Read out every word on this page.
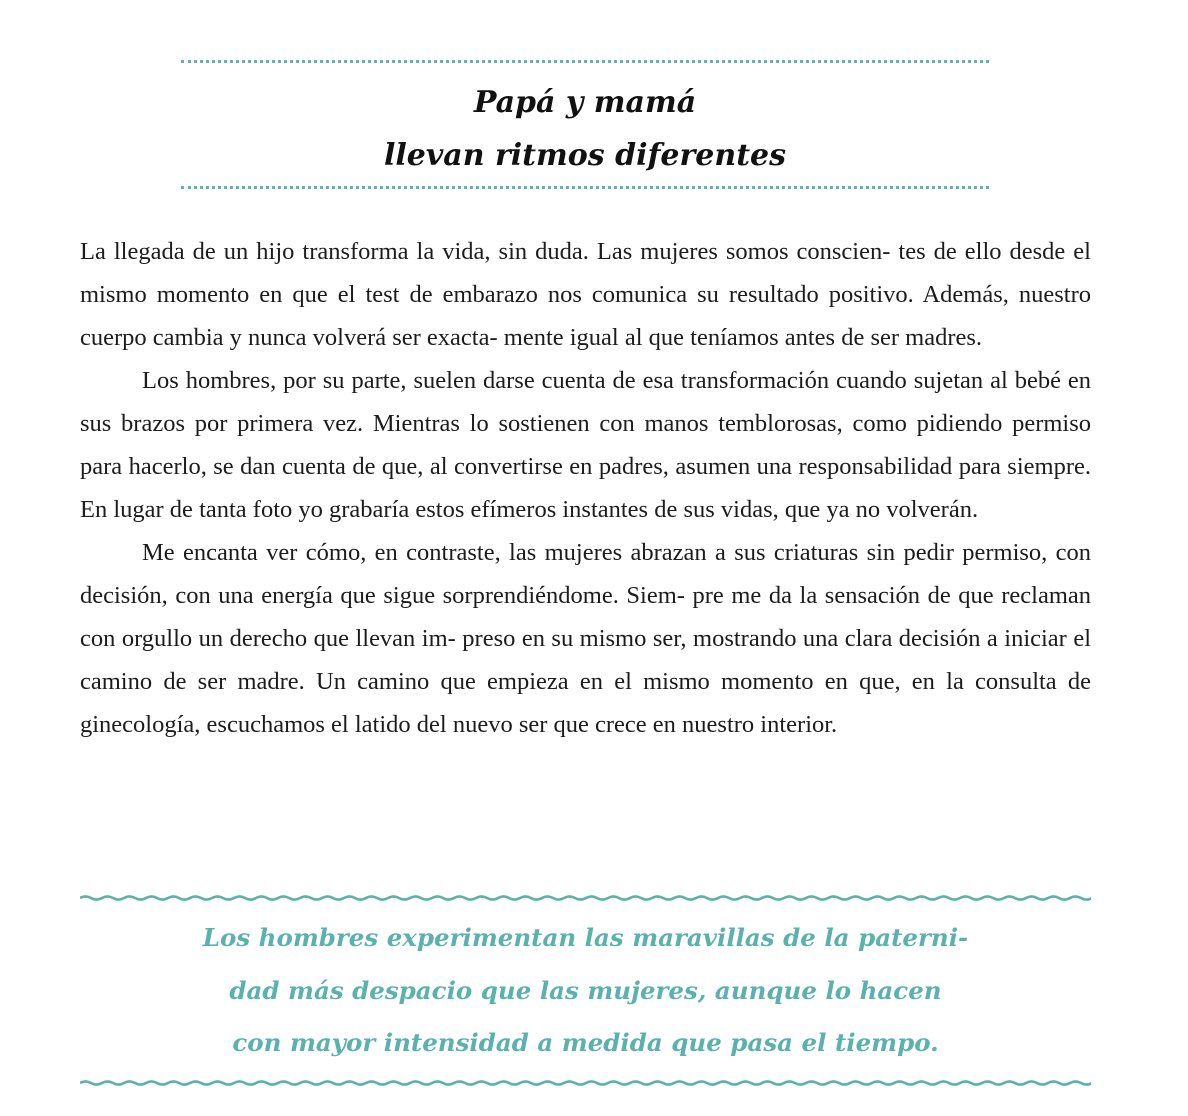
Papá y mamá
llevan ritmos diferentes

La llegada de un hijo transforma la vida, sin duda. Las mujeres somos conscien- tes de ello desde el mismo momento en que el test de embarazo nos comunica su resultado positivo. Además, nuestro cuerpo cambia y nunca volverá ser exacta- mente igual al que teníamos antes de ser madres.

Los hombres, por su parte, suelen darse cuenta de esa transformación cuando sujetan al bebé en sus brazos por primera vez. Mientras lo sostienen con manos temblorosas, como pidiendo permiso para hacerlo, se dan cuenta de que, al convertirse en padres, asumen una responsabilidad para siempre. En lugar de tanta foto yo grabaría estos efímeros instantes de sus vidas, que ya no volverán.

Me encanta ver cómo, en contraste, las mujeres abrazan a sus criaturas sin pedir permiso, con decisión, con una energía que sigue sorprendiéndome. Siem- pre me da la sensación de que reclaman con orgullo un derecho que llevan im- preso en su mismo ser, mostrando una clara decisión a iniciar el camino de ser madre. Un camino que empieza en el mismo momento en que, en la consulta de ginecología, escuchamos el latido del nuevo ser que crece en nuestro interior.

Los hombres experimentan las maravillas de la paterni-
dad más despacio que las mujeres, aunque lo hacen
con mayor intensidad a medida que pasa el tiempo.
